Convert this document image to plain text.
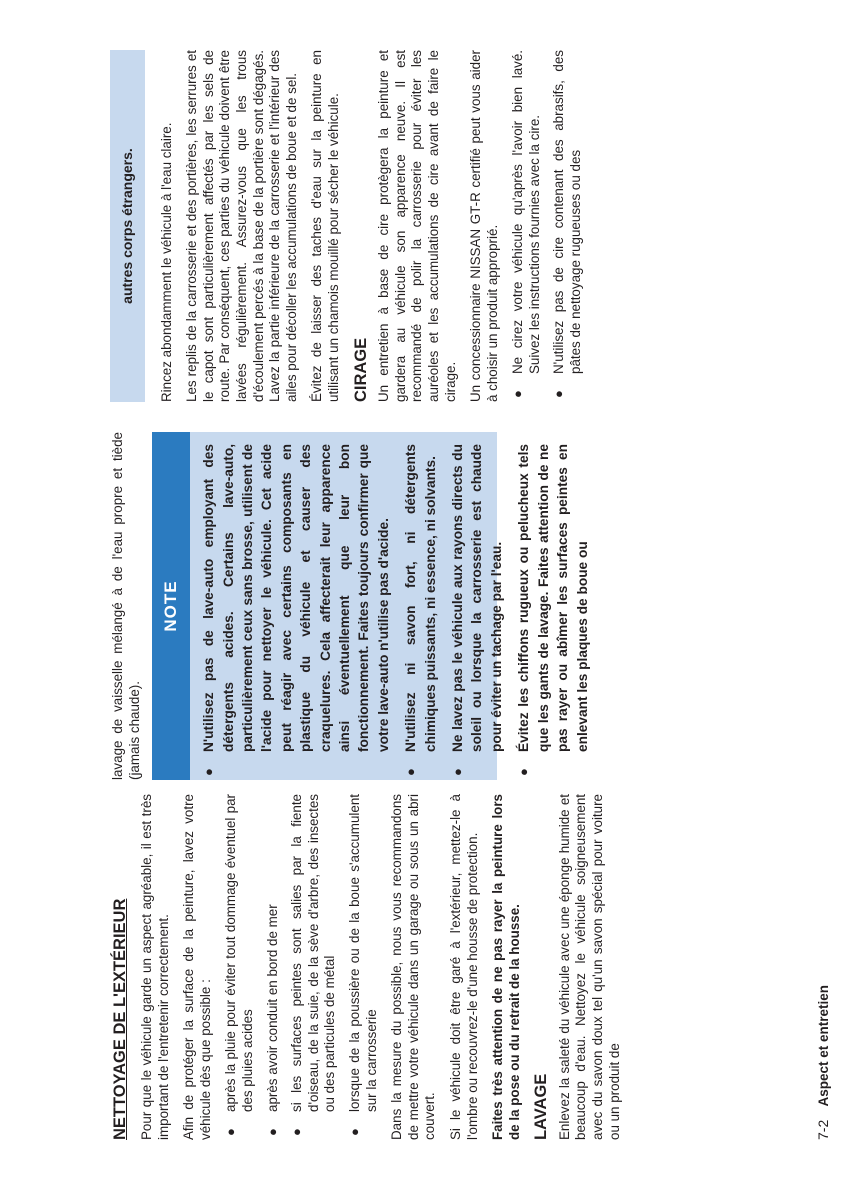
NETTOYAGE DE L'EXTÉRIEUR Pour que le véhicule garde un aspect agréable, il est très important de l'entretenir correctement. Afin de protéger la surface de la peinture, lavez votre véhicule dès que possible : ●
après la pluie pour éviter tout dommage éventuel par des pluies acides
●
après avoir conduit en bord de mer
●
si les surfaces peintes sont salies par la fiente d'oiseau, de la suie, de la sève d'arbre, des insectes ou des particules de métal
●
lorsque de la poussière ou de la boue s'accumulent sur la carrosserie Dans la mesure du possible, nous vous recommandons de mettre votre véhicule dans un garage ou sous un abri couvert. Si le véhicule doit être garé à l'extérieur, mettez-le à l'ombre ou recouvrez-le d'une housse de protection. Faites très attention de ne pas rayer la peinture lors de la pose ou du retrait de la housse. LAVAGE Enlevez la saleté du véhicule avec une éponge humide et beaucoup d'eau. Nettoyez le véhicule soigneusement avec du savon doux tel qu'un savon spécial pour voiture ou un produit de

lavage de vaisselle mélangé à de l'eau propre et tiède (jamais chaude).

NOTE
●
N'utilisez pas de lave-auto employant des détergents acides. Certains lave-auto, particulièrement ceux sans brosse, utilisent de l'acide pour nettoyer le véhicule. Cet acide peut réagir avec certains composants en plastique du véhicule et causer des craquelures. Cela affecterait leur apparence ainsi éventuellement que leur bon fonctionnement. Faites toujours confirmer que votre lave-auto n'utilise pas d'acide.
●
N'utilisez ni savon fort, ni détergents chimiques puissants, ni essence, ni solvants.
●
Ne lavez pas le véhicule aux rayons directs du soleil ou lorsque la carrosserie est chaude pour éviter un tachage par l'eau.
●
Évitez les chiffons rugueux ou pelucheux tels que les gants de lavage. Faites attention de ne pas rayer ou abîmer les surfaces peintes en enlevant les plaques de boue ou
autres corps étrangers.	Rincez abondamment le véhicule à l'eau claire. Les replis de la carrosserie et des portières, les serrures et le capot sont particulièrement affectés par les sels de route. Par conséquent, ces parties du véhicule doivent être lavées régulièrement. Assurez-vous que les trous d'écoulement percés à la base de la portière sont dégagés. Lavez la partie inférieure de la carrosserie et l'intérieur des ailes pour décoller les accumulations de boue et de sel. Évitez de laisser des taches d'eau sur la peinture en utilisant un chamois mouillé pour sécher le véhicule. CIRAGE Un entretien à base de cire protègera la peinture et gardera au véhicule son apparence neuve. Il est recommandé de polir la carrosserie pour éviter les auréoles et les accumulations de cire avant de faire le cirage. Un concessionnaire NISSAN GT-R certifié peut vous aider à choisir un produit approprié. ●
Ne cirez votre véhicule qu'après l'avoir bien lavé. Suivez les instructions fournies avec la cire.
●
N'utilisez pas de cire contenant des abrasifs, des pâtes de nettoyage rugueuses ou des
7-2 Aspect et entretien
